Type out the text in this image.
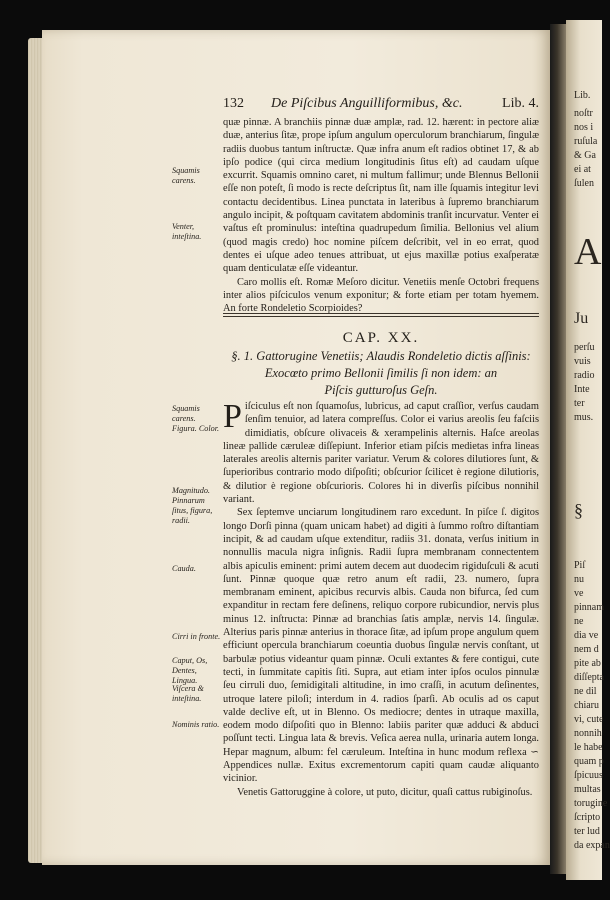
Lib.
noſtr
nos i
ruſula
& Ga
ei at
ſulen
A
Ju
perſu
vuis
radio
Inte
ter
mus.
§
Piſ
nu
ve
pinnam
ne
dia ve
nem d
pite ab
diſſepta
ne dil
chiaru
vi, cute
nonnih
le habe
quam p
ſpicuus
multas
torugine
ſcripto
ter lud
da expan
132 De Piſcibus Anguilliformibus, &c.	Lib. 4.

quæ pinnæ. A branchiis pinnæ duæ amplæ, rad. 12. hærent: in pectore aliæ duæ, anterius ſitæ, prope ipſum angulum operculorum branchiarum, ſingulæ radiis duobus tantum inſtructæ. Quæ infra anum eſt radios obtinet 17, & ab ipſo podice (qui circa medium longitudinis ſitus eſt) ad caudam uſque excurrit. Squamis omnino caret, ni multum fallimur; unde Blennus Bellonii eſſe non poteſt, ſi modo is recte deſcriptus ſit, nam ille ſquamis integitur levi contactu decidentibus. Linea punctata in lateribus à ſupremo branchiarum angulo incipit, & poſtquam cavitatem abdominis tranſit incurvatur. Venter ei vaſtus eſt prominulus: inteſtina quadrupedum ſimilia. Bellonius vel alium (quod magis credo) hoc nomine piſcem deſcribit, vel in eo errat, quod dentes ei uſque adeo tenues attribuat, ut ejus maxillæ potius exaſperatæ quam denticulatæ eſſe videantur.

Caro mollis eſt. Romæ Meſoro dicitur. Venetiis menſe Octobri frequens inter alios piſciculos venum exponitur; & forte etiam per totam hyemem. An forte Rondeletio Scorpioides?

Squamis carens.
Venter, inteſtina.
CAP. XX.
§. 1. Gattorugine Venetiis; Alaudis Rondeletio dictis aſſinis:
Exocœto primo Bellonii ſimilis ſi non idem: an
Piſcis gutturoſus Geſn.

Piſciculus eſt non ſquamoſus, lubricus, ad caput craſſior, verſus caudam ſenſim tenuior, ad latera compreſſus. Color ei varius areolis ſeu faſciis dimidiatis, obſcure olivaceis & xerampelinis alternis. Haſce areolas lineæ pallide cæruleæ diſſepiunt. Inferior etiam piſcis medietas infra lineas laterales areolis alternis pariter variatur. Verum & colores dilutiores ſunt, & ſuperioribus contrario modo diſpoſiti; obſcurior ſcilicet è regione dilutioris, & dilutior è regione obſcurioris. Colores hi in diverſis piſcibus nonnihil variant.

Sex ſeptemve unciarum longitudinem raro excedunt. In piſce ſ. digitos longo Dorſi pinna (quam unicam habet) ad digiti à ſummo roſtro diſtantiam incipit, & ad caudam uſque extenditur, radiis 31. donata, verſus initium in nonnullis macula nigra inſignis. Radii ſupra membranam connectentem albis apiculis eminent: primi autem decem aut duodecim rigiduſculi & acuti ſunt. Pinnæ quoque quæ retro anum eſt radii, 23. numero, ſupra membranam eminent, apicibus recurvis albis. Cauda non bifurca, ſed cum expanditur in rectam fere deſinens, reliquo corpore rubicundior, nervis plus minus 12. inſtructa: Pinnæ ad branchias ſatis amplæ, nervis 14. ſingulæ. Alterius paris pinnæ anterius in thorace ſitæ, ad ipſum prope angulum quem efficiunt opercula branchiarum coeuntia duobus ſingulæ nervis conſtant, ut barbulæ potius videantur quam pinnæ. Oculi extantes & fere contigui, cute tecti, in ſummitate capitis ſiti. Supra, aut etiam inter ipſos oculos pinnulæ ſeu cirruli duo, ſemidigitali altitudine, in imo craſſi, in acutum deſinentes, utroque latere piloſi; interdum in 4. radios ſparſi. Ab oculis ad os caput valde declive eſt, ut in Blenno. Os mediocre; dentes in utraque maxilla, eodem modo diſpoſiti quo in Blenno: labiis pariter quæ adduci & abduci poſſunt tecti. Lingua lata & brevis. Veſica aerea nulla, urinaria autem longa. Hepar magnum, album: fel cæruleum. Inteſtina in hunc modum reflexa ∽ Appendices nullæ. Exitus excrementorum capiti quam caudæ aliquanto vicinior.

Venetis Gattoruggine à colore, ut puto, dicitur, quaſi cattus rubiginoſus.

Squamis carens. Figura. Color.
Magnitudo. Pinnarum ſitus, figura, radii.
Cauda.
Cirri in fronte.
Caput, Os, Dentes, Lingua.
Viſcera & inteſtina.
Nominis ratio.
